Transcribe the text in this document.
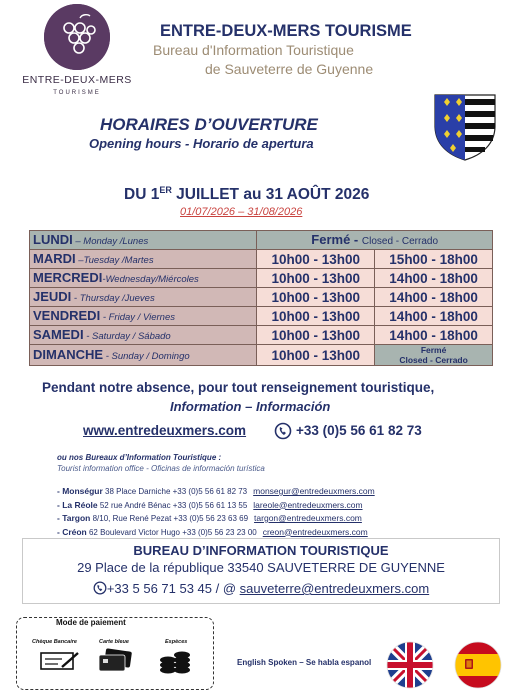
ENTRE-DEUX-MERS
TOURISME
ENTRE-DEUX-MERS TOURISME
Bureau d'Information Touristique
de Sauveterre de Guyenne
HORAIRES D’OUVERTURE
Opening hours - Horario de apertura
DU 1ER JUILLET au 31 AOÛT 2026
01/07/2026 – 31/08/2026
LUNDI – Monday /Lunes	Fermé - Closed - Cerrado	
MARDI –Tuesday /Martes	10h00 - 13h00	15h00 - 18h00
MERCREDI-Wednesday/Miércoles	10h00 - 13h00	14h00 - 18h00
JEUDI - Thursday /Jueves	10h00 - 13h00	14h00 - 18h00
VENDREDI - Friday / Viernes	10h00 - 13h00	14h00 - 18h00
SAMEDI - Saturday / Sábado	10h00 - 13h00	14h00 - 18h00
DIMANCHE - Sunday / Domingo	10h00 - 13h00	Fermé
Closed - Cerrado
Pendant notre absence, pour tout renseignement touristique,
Information – Información
www.entredeuxmers.com	+33 (0)5 56 61 82 73
ou nos Bureaux d’Information Touristique :
Tourist information office - Oficinas de información turística
- Monségur 38 Place Darniche +33 (0)5 56 61 82 73 monsegur@entredeuxmers.com
- La Réole 52 rue André Bénac +33 (0)5 56 61 13 55 lareole@entredeuxmers.com
- Targon 8/10, Rue René Pezat +33 (0)5 56 23 63 69 targon@entredeuxmers.com
- Créon 62 Boulevard Victor Hugo +33 (0)5 56 23 23 00 creon@entredeuxmers.com
BUREAU D’INFORMATION TOURISTIQUE
29 Place de la république 33540 SAUVETERRE DE GUYENNE
+33 5 56 71 53 45 / @ sauveterre@entredeuxmers.com
Mode de paiement
Chèque Bancaire	Carte bleue	Espèces
English Spoken – Se habla espanol
